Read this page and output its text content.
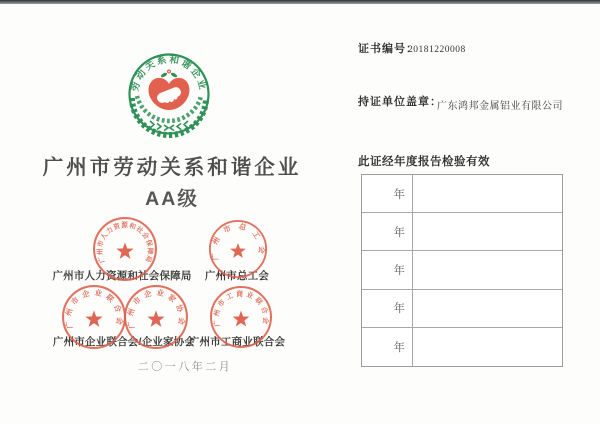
劳动关系和谐企业
广州市劳动关系和谐企业
AA级
广州市人力资源和社会保障局 广州市总工会
广州市企业联合会/企业家协会
广州市工商业联合会
二〇一八年二月
广州市人力资源和社会保障局	广州市总工会
广州市企业联合会 广州市企业家协会	广州市工商业联合会
证书编号：
20181220008
持证单位盖章：
广东鸿邦金属铝业有限公司
此证经年度报告检验有效
年
年
年
年
年
